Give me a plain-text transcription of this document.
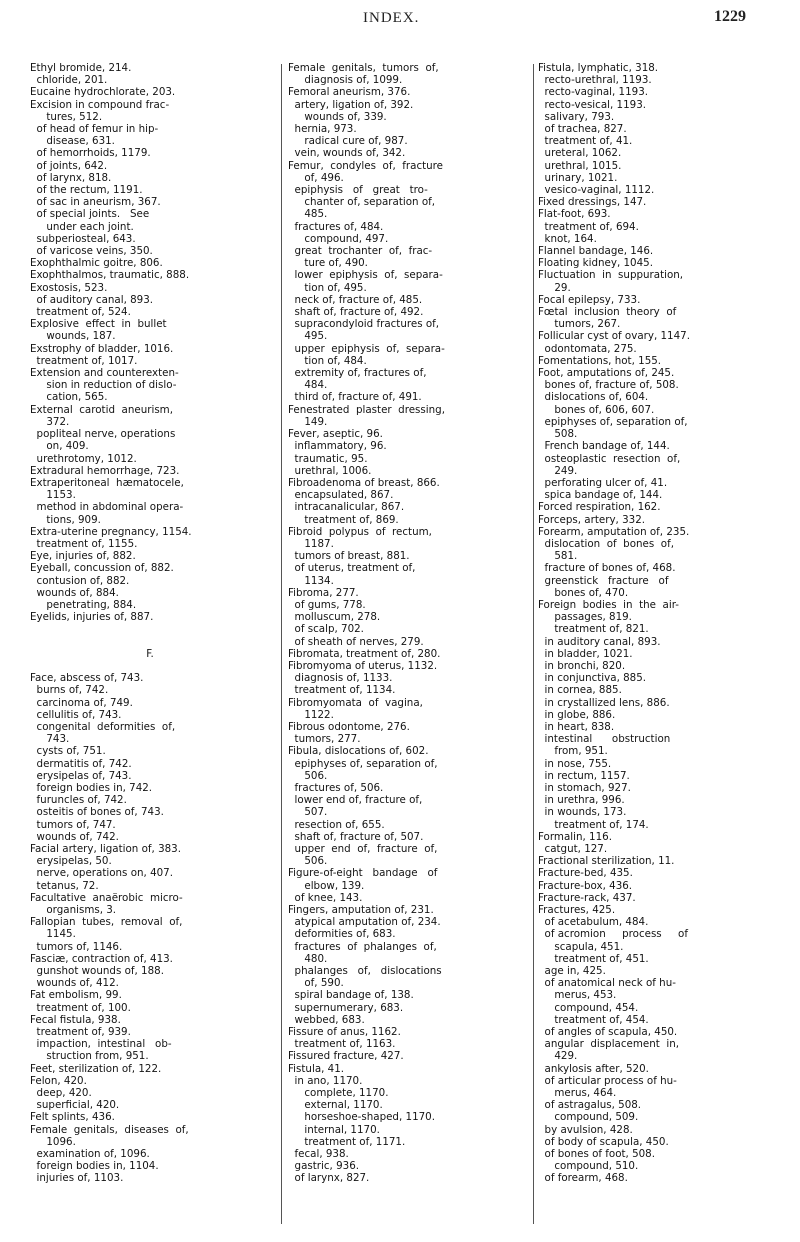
INDEX.	1229
Ethyl bromide, 214.
chloride, 201.
Eucaine hydrochlorate, 203.
Excision in compound frac-
tures, 512.
of head of femur in hip-
disease, 631.
of hemorrhoids, 1179.
of joints, 642.
of larynx, 818.
of the rectum, 1191.
of sac in aneurism, 367.
of special joints.   See
under each joint.
subperiosteal, 643.
of varicose veins, 350.
Exophthalmic goitre, 806.
Exophthalmos, traumatic, 888.
Exostosis, 523.
of auditory canal, 893.
treatment of, 524.
Explosive  effect  in  bullet
wounds, 187.
Exstrophy of bladder, 1016.
treatment of, 1017.
Extension and counterexten-
sion in reduction of dislo-
cation, 565.
External  carotid  aneurism,
372.
popliteal nerve, operations
on, 409.
urethrotomy, 1012.
Extradural hemorrhage, 723.
Extraperitoneal  hæmatocele,
1153.
method in abdominal opera-
tions, 909.
Extra-uterine pregnancy, 1154.
treatment of, 1155.
Eye, injuries of, 882.
Eyeball, concussion of, 882.
contusion of, 882.
wounds of, 884.
penetrating, 884.
Eyelids, injuries of, 887.
F.
Face, abscess of, 743.
burns of, 742.
carcinoma of, 749.
cellulitis of, 743.
congenital  deformities  of,
743.
cysts of, 751.
dermatitis of, 742.
erysipelas of, 743.
foreign bodies in, 742.
furuncles of, 742.
osteitis of bones of, 743.
tumors of, 747.
wounds of, 742.
Facial artery, ligation of, 383.
erysipelas, 50.
nerve, operations on, 407.
tetanus, 72.
Facultative  anaërobic  micro-
organisms, 3.
Fallopian  tubes,  removal  of,
1145.
tumors of, 1146.
Fasciæ, contraction of, 413.
gunshot wounds of, 188.
wounds of, 412.
Fat embolism, 99.
treatment of, 100.
Fecal fistula, 938.
treatment of, 939.
impaction,  intestinal   ob-
struction from, 951.
Feet, sterilization of, 122.
Felon, 420.
deep, 420.
superficial, 420.
Felt splints, 436.
Female  genitals,  diseases  of,
1096.
examination of, 1096.
foreign bodies in, 1104.
injuries of, 1103.
Female  genitals,  tumors  of,
diagnosis of, 1099.
Femoral aneurism, 376.
artery, ligation of, 392.
wounds of, 339.
hernia, 973.
radical cure of, 987.
vein, wounds of, 342.
Femur,  condyles  of,  fracture
of, 496.
epiphysis   of   great   tro-
chanter of, separation of,
485.
fractures of, 484.
compound, 497.
great  trochanter  of,  frac-
ture of, 490.
lower  epiphysis  of,  separa-
tion of, 495.
neck of, fracture of, 485.
shaft of, fracture of, 492.
supracondyloid fractures of,
495.
upper  epiphysis  of,  separa-
tion of, 484.
extremity of, fractures of,
484.
third of, fracture of, 491.
Fenestrated  plaster  dressing,
149.
Fever, aseptic, 96.
inflammatory, 96.
traumatic, 95.
urethral, 1006.
Fibroadenoma of breast, 866.
encapsulated, 867.
intracanalicular, 867.
treatment of, 869.
Fibroid  polypus  of  rectum,
1187.
tumors of breast, 881.
of uterus, treatment of,
1134.
Fibroma, 277.
of gums, 778.
molluscum, 278.
of scalp, 702.
of sheath of nerves, 279.
Fibromata, treatment of, 280.
Fibromyoma of uterus, 1132.
diagnosis of, 1133.
treatment of, 1134.
Fibromyomata  of  vagina,
1122.
Fibrous odontome, 276.
tumors, 277.
Fibula, dislocations of, 602.
epiphyses of, separation of,
506.
fractures of, 506.
lower end of, fracture of,
507.
resection of, 655.
shaft of, fracture of, 507.
upper  end  of,  fracture  of,
506.
Figure-of-eight   bandage   of
elbow, 139.
of knee, 143.
Fingers, amputation of, 231.
atypical amputation of, 234.
deformities of, 683.
fractures  of  phalanges  of,
480.
phalanges   of,   dislocations
of, 590.
spiral bandage of, 138.
supernumerary, 683.
webbed, 683.
Fissure of anus, 1162.
treatment of, 1163.
Fissured fracture, 427.
Fistula, 41.
in ano, 1170.
complete, 1170.
external, 1170.
horseshoe-shaped, 1170.
internal, 1170.
treatment of, 1171.
fecal, 938.
gastric, 936.
of larynx, 827.
Fistula, lymphatic, 318.
recto-urethral, 1193.
recto-vaginal, 1193.
recto-vesical, 1193.
salivary, 793.
of trachea, 827.
treatment of, 41.
ureteral, 1062.
urethral, 1015.
urinary, 1021.
vesico-vaginal, 1112.
Fixed dressings, 147.
Flat-foot, 693.
treatment of, 694.
knot, 164.
Flannel bandage, 146.
Floating kidney, 1045.
Fluctuation  in  suppuration,
29.
Focal epilepsy, 733.
Fœtal  inclusion  theory  of
tumors, 267.
Follicular cyst of ovary, 1147.
odontomata, 275.
Fomentations, hot, 155.
Foot, amputations of, 245.
bones of, fracture of, 508.
dislocations of, 604.
bones of, 606, 607.
epiphyses of, separation of,
508.
French bandage of, 144.
osteoplastic  resection  of,
249.
perforating ulcer of, 41.
spica bandage of, 144.
Forced respiration, 162.
Forceps, artery, 332.
Forearm, amputation of, 235.
dislocation  of  bones  of,
581.
fracture of bones of, 468.
greenstick   fracture   of
bones of, 470.
Foreign  bodies  in  the  air-
passages, 819.
treatment of, 821.
in auditory canal, 893.
in bladder, 1021.
in bronchi, 820.
in conjunctiva, 885.
in cornea, 885.
in crystallized lens, 886.
in globe, 886.
in heart, 838.
intestinal      obstruction
from, 951.
in nose, 755.
in rectum, 1157.
in stomach, 927.
in urethra, 996.
in wounds, 173.
treatment of, 174.
Formalin, 116.
catgut, 127.
Fractional sterilization, 11.
Fracture-bed, 435.
Fracture-box, 436.
Fracture-rack, 437.
Fractures, 425.
of acetabulum, 484.
of acromion     process     of
scapula, 451.
treatment of, 451.
age in, 425.
of anatomical neck of hu-
merus, 453.
compound, 454.
treatment of, 454.
of angles of scapula, 450.
angular  displacement  in,
429.
ankylosis after, 520.
of articular process of hu-
merus, 464.
of astragalus, 508.
compound, 509.
by avulsion, 428.
of body of scapula, 450.
of bones of foot, 508.
compound, 510.
of forearm, 468.
